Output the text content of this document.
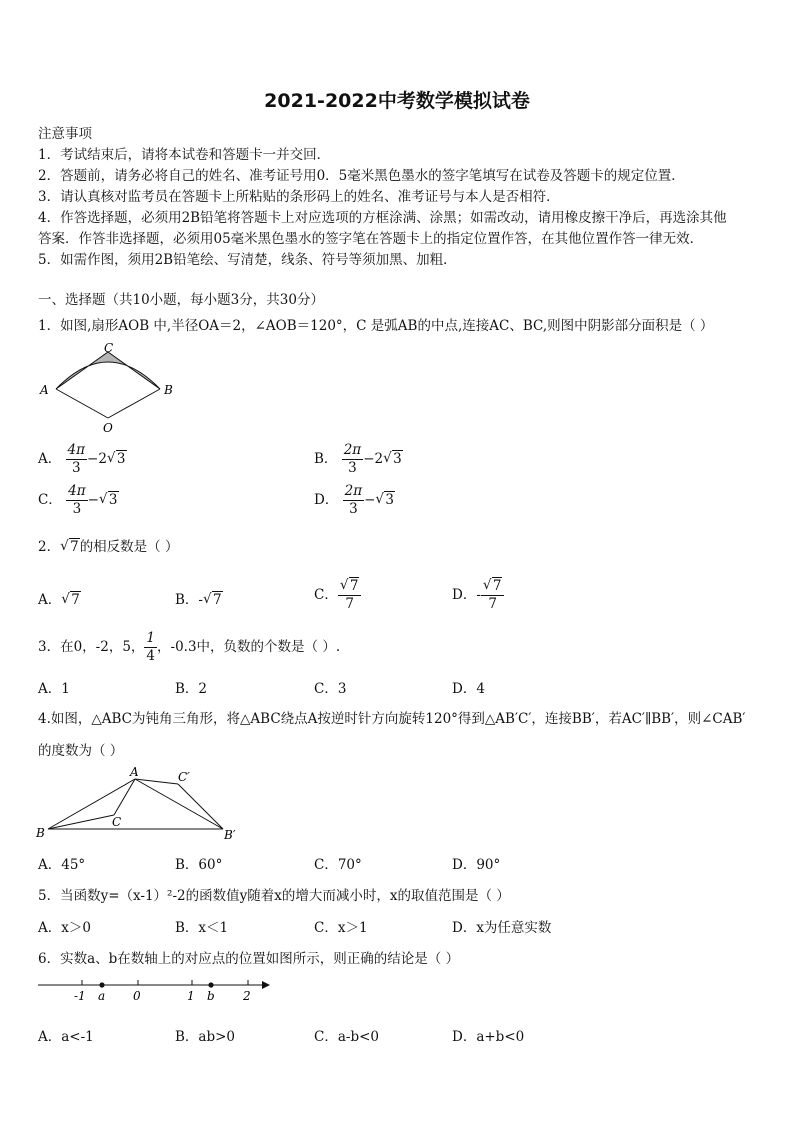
2021-2022中考数学模拟试卷
注意事项
1．考试结束后，请将本试卷和答题卡一并交回．
2．答题前，请务必将自己的姓名、准考证号用0．5毫米黑色墨水的签字笔填写在试卷及答题卡的规定位置．
3．请认真核对监考员在答题卡上所粘贴的条形码上的姓名、准考证号与本人是否相符．
4．作答选择题，必须用2B铅笔将答题卡上对应选项的方框涂满、涂黑；如需改动，请用橡皮擦干净后，再选涂其他
答案．作答非选择题，必须用05毫米黑色墨水的签字笔在答题卡上的指定位置作答，在其他位置作答一律无效．
5．如需作图，须用2B铅笔绘、写清楚，线条、符号等须加黑、加粗．
一、选择题（共10小题，每小题3分，共30分）
1．如图,扇形AOB 中,半径OA＝2，∠AOB＝120°，C 是弧AB的中点,连接AC、BC,则图中阴影部分面积是（ ）
C
A	B
O
A． $\frac{4\pi}{3} -2√$ 3	B． $\frac{2\pi}{3} -2√$ 3
C． $\frac{4\pi}{3}$ −√ 3	D． $\frac{2\pi}{3}$ −√ 3
2．√ 7的相反数是（ ）
A．√ 7	B．-√ 7	C．
√ $\frac{7}{7}$	D．-
√ $\frac{7}{7}$
3．在0，-2，5， $\frac{1}{4}$ ，-0.3中，负数的个数是（ ）.
A．1	B．2	C．3	D．4
4.如图，△ABC为钝角三角形，将△ABC绕点A按逆时针方向旋转120°得到△AB′C′，连接BB′，若AC′∥BB′，则∠CAB′
的度数为（ ）
A	C′
C
B	B′
A．45°	B．60°	C．70°	D．90°
5．当函数y=（x-1）²-2的函数值y随着x的增大而减小时，x的取值范围是（ ）
A．x＞0	B．x＜1	C．x＞1	D．x为任意实数
6．实数a、b在数轴上的对应点的位置如图所示，则正确的结论是（ ）
-1	0	1	2
a	b
A．a<-1	B．ab>0	C．a-b<0	D．a+b<0
